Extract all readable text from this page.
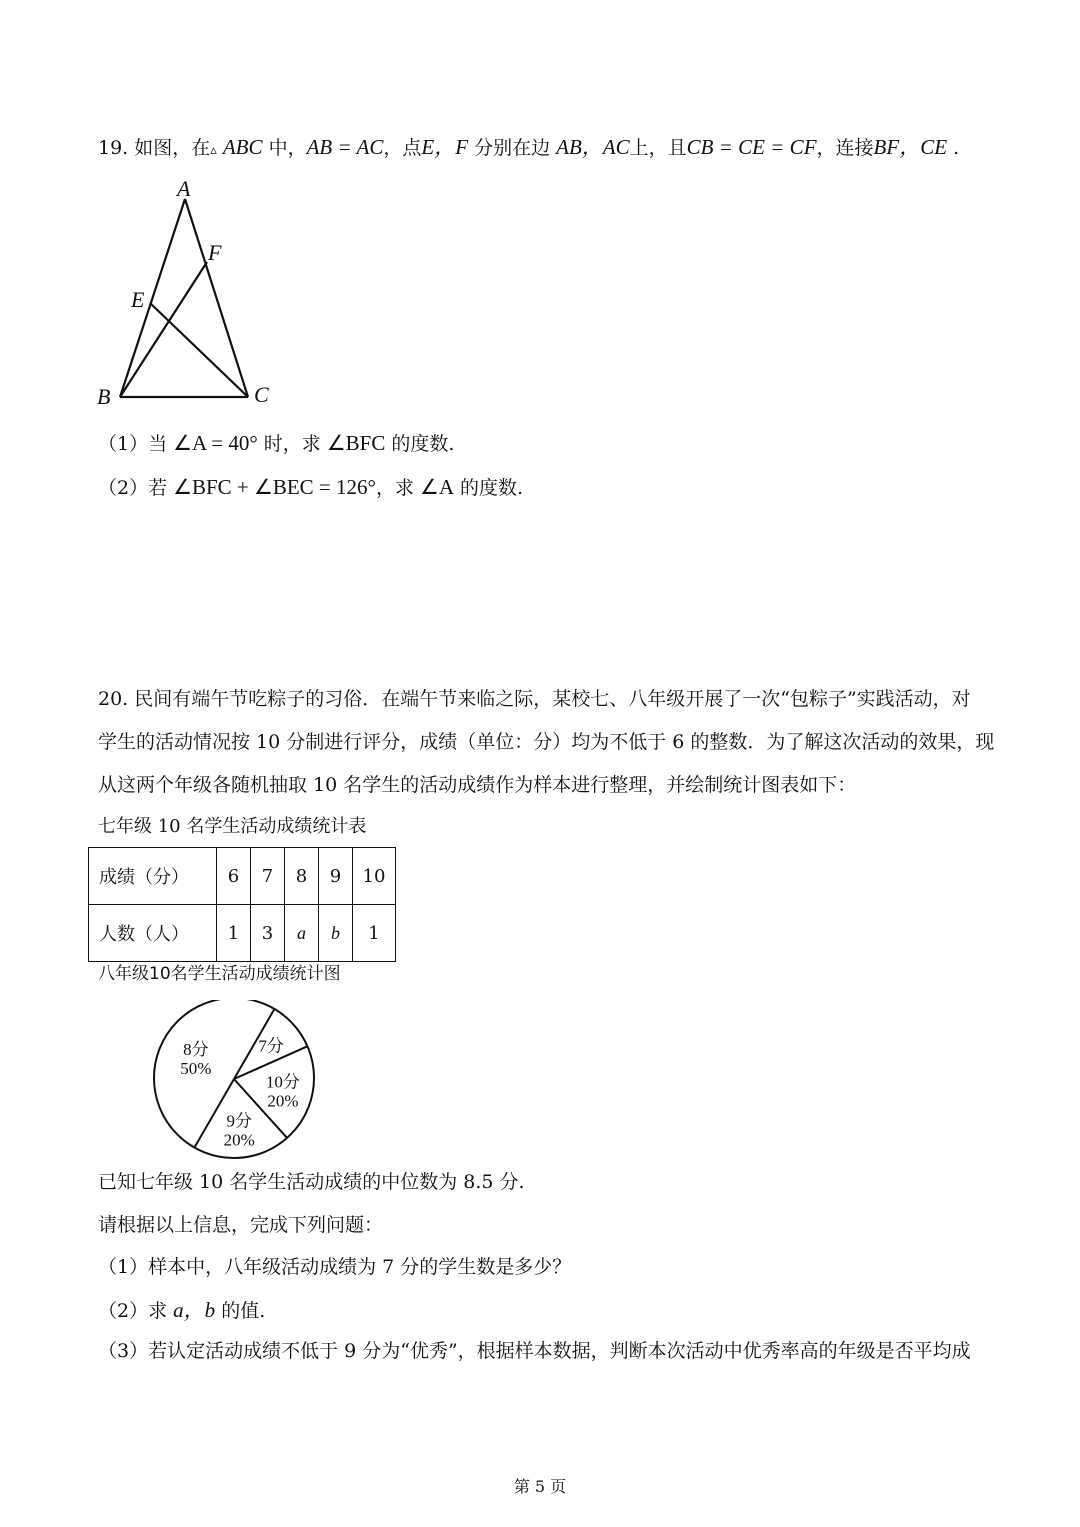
19. 如图，在▵ ABC 中，AB = AC，点E，F 分别在边 AB，AC上，且CB = CE = CF，连接BF，CE .
A
F
E
B	C
（1）当 ∠A = 40° 时，求 ∠BFC 的度数.
（2）若 ∠BFC + ∠BEC = 126°，求 ∠A 的度数.
20. 民间有端午节吃粽子的习俗．在端午节来临之际，某校七、八年级开展了一次“包粽子”实践活动，对
学生的活动情况按 10 分制进行评分，成绩（单位：分）均为不低于 6 的整数．为了解这次活动的效果，现
从这两个年级各随机抽取 10 名学生的活动成绩作为样本进行整理，并绘制统计图表如下：
七年级 10 名学生活动成绩统计表
成绩（分）	6	7	8	9	10
人数（人）	1	3	a	b	1
八年级10名学生活动成绩统计图
8分
50%
7分
10分
20%
9分
20%
已知七年级 10 名学生活动成绩的中位数为 8.5 分.
请根据以上信息，完成下列问题：
（1）样本中，八年级活动成绩为 7 分的学生数是多少？
（2）求 a，b 的值.
（3）若认定活动成绩不低于 9 分为“优秀”，根据样本数据，判断本次活动中优秀率高的年级是否平均成
第 5 页
